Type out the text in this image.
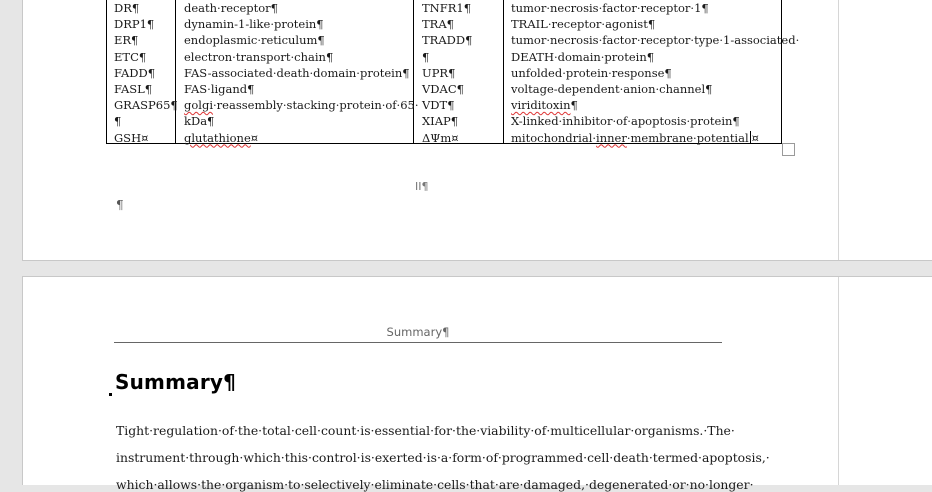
DR¶
DRP1¶
ER¶
ETC¶
FADD¶
FASL¶
GRASP65¶
¶
GSH¤
death·receptor¶
dynamin-1-like·protein¶
endoplasmic·reticulum¶
electron·transport·chain¶
FAS-associated·death·domain·protein¶
FAS·ligand¶
golgi·reassembly·stacking·protein·of·65·
kDa¶
glutathione¤
TNFR1¶
TRA¶
TRADD¶
¶
UPR¶
VDAC¶
VDT¶
XIAP¶
ΔΨm¤
tumor·necrosis·factor·receptor·1¶
TRAIL·receptor·agonist¶
tumor·necrosis·factor·receptor·type·1-associated·
DEATH·domain·protein¶
unfolded·protein·response¶
voltage-dependent·anion·channel¶
viriditoxin¶
X-linked·inhibitor·of·apoptosis·protein¶
mitochondrial·inner·membrane·potential ¤
II¶
¶
Summary¶
Summary¶
Tight·regulation·of·the·total·cell·count·is·essential·for·the·viability·of·multicellular·organisms.·The·
instrument·through·which·this·control·is·exerted·is·a·form·of·programmed·cell·death·termed·apoptosis,·
which·allows·the·organism·to·selectively·eliminate·cells·that·are·damaged,·degenerated·or·no·longer·
